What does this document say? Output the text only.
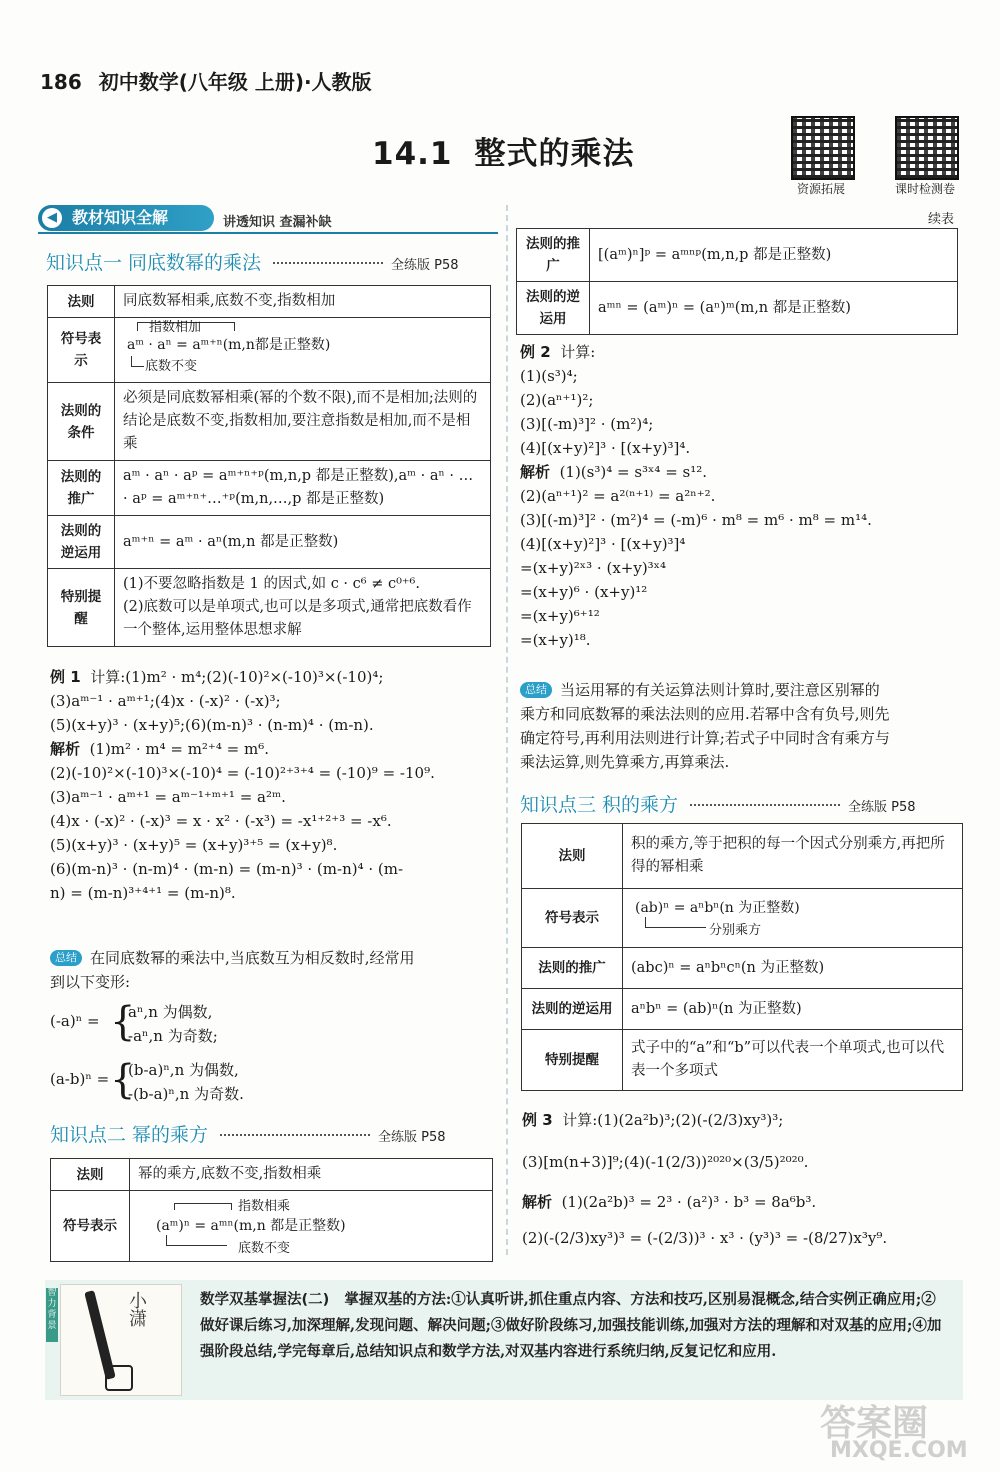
186 初中数学(八年级 上册)·人教版
14.1 整式的乘法
资源拓展	课时检测卷
◀ 教材知识全解	讲透知识 查漏补缺
知识点一 同底数幂的乘法	全练版 P58
法则	同底数幂相乘,底数不变,指数相加
符号表示	指数相加
aᵐ · aⁿ = aᵐ⁺ⁿ(m,n都是正整数)
底数不变

法则的条件	必须是同底数幂相乘(幂的个数不限),而不是相加;法则的结论是底数不变,指数相加,要注意指数是相加,而不是相乘
法则的推广	aᵐ · aⁿ · aᵖ = aᵐ⁺ⁿ⁺ᵖ(m,n,p 都是正整数),aᵐ · aⁿ · … · aᵖ = aᵐ⁺ⁿ⁺…⁺ᵖ(m,n,…,p 都是正整数)
法则的逆运用	aᵐ⁺ⁿ = aᵐ · aⁿ(m,n 都是正整数)
特别提醒	(1)不要忽略指数是 1 的因式,如 c · c⁶ ≠ c⁰⁺⁶.
(2)底数可以是单项式,也可以是多项式,通常把底数看作一个整体,运用整体思想求解
例 1 计算:(1)m² · m⁴;(2)(-10)²×(-10)³×(-10)⁴;
(3)aᵐ⁻¹ · aᵐ⁺¹;(4)x · (-x)² · (-x)³;
(5)(x+y)³ · (x+y)⁵;(6)(m-n)³ · (n-m)⁴ · (m-n).
解析 (1)m² · m⁴ = m²⁺⁴ = m⁶.
(2)(-10)²×(-10)³×(-10)⁴ = (-10)²⁺³⁺⁴ = (-10)⁹ = -10⁹.
(3)aᵐ⁻¹ · aᵐ⁺¹ = aᵐ⁻¹⁺ᵐ⁺¹ = a²ᵐ.
(4)x · (-x)² · (-x)³ = x · x² · (-x³) = -x¹⁺²⁺³ = -x⁶.
(5)(x+y)³ · (x+y)⁵ = (x+y)³⁺⁵ = (x+y)⁸.
(6)(m-n)³ · (n-m)⁴ · (m-n) = (m-n)³ · (m-n)⁴ · (m-
n) = (m-n)³⁺⁴⁺¹ = (m-n)⁸.
总结 在同底数幂的乘法中,当底数互为相反数时,经常用
到以下变形:
(-a)ⁿ = {
aⁿ,n 为偶数,
-aⁿ,n 为奇数;
(a-b)ⁿ = {
(b-a)ⁿ,n 为偶数,
-(b-a)ⁿ,n 为奇数.
知识点二 幂的乘方	全练版 P58
法则	幂的乘方,底数不变,指数相乘
符号表示	指数相乘
(aᵐ)ⁿ = aᵐⁿ(m,n 都是正整数)
底数不变
续表
法则的推广	[(aᵐ)ⁿ]ᵖ = aᵐⁿᵖ(m,n,p 都是正整数)
法则的逆运用	aᵐⁿ = (aᵐ)ⁿ = (aⁿ)ᵐ(m,n 都是正整数)
例 2 计算:
(1)(s³)⁴;
(2)(aⁿ⁺¹)²;
(3)[(-m)³]² · (m²)⁴;
(4)[(x+y)²]³ · [(x+y)³]⁴.
解析 (1)(s³)⁴ = s³ˣ⁴ = s¹².
(2)(aⁿ⁺¹)² = a²⁽ⁿ⁺¹⁾ = a²ⁿ⁺².
(3)[(-m)³]² · (m²)⁴ = (-m)⁶ · m⁸ = m⁶ · m⁸ = m¹⁴.
(4)[(x+y)²]³ · [(x+y)³]⁴
=(x+y)²ˣ³ · (x+y)³ˣ⁴
=(x+y)⁶ · (x+y)¹²
=(x+y)⁶⁺¹²
=(x+y)¹⁸.
总结 当运用幂的有关运算法则计算时,要注意区别幂的
乘方和同底数幂的乘法法则的应用.若幂中含有负号,则先
确定符号,再利用法则进行计算;若式子中同时含有乘方与
乘法运算,则先算乘方,再算乘法.
知识点三 积的乘方	全练版 P58
法则	积的乘方,等于把积的每一个因式分别乘方,再把所得的幂相乘
符号表示	(ab)ⁿ = aⁿbⁿ(n 为正整数)
分别乘方

法则的推广	(abc)ⁿ = aⁿbⁿcⁿ(n 为正整数)
法则的逆运用	aⁿbⁿ = (ab)ⁿ(n 为正整数)
特别提醒	式子中的“a”和“b”可以代表一个单项式,也可以代表一个多项式
例 3 计算:(1)(2a²b)³;(2)(-(2/3)xy³)³;
(3)[m(n+3)]⁹;(4)(-1(2/3))²⁰²⁰×(3/5)²⁰²⁰.
解析 (1)(2a²b)³ = 2³ · (a²)³ · b³ = 8a⁶b³.
(2)(-(2/3)xy³)³ = (-(2/3))³ · x³ · (y³)³ = -(8/27)x³y⁹.
智力背景	小潇	数学双基掌握法(二) 掌握双基的方法:①认真听讲,抓住重点内容、方法和技巧,区别易混概念,结合实例正确应用;②做好课后练习,加深理解,发现问题、解决问题;③做好阶段练习,加强技能训练,加强对方法的理解和对双基的应用;④加强阶段总结,学完每章后,总结知识点和数学方法,对双基内容进行系统归纳,反复记忆和应用.
答案圈
MXQE.COM
